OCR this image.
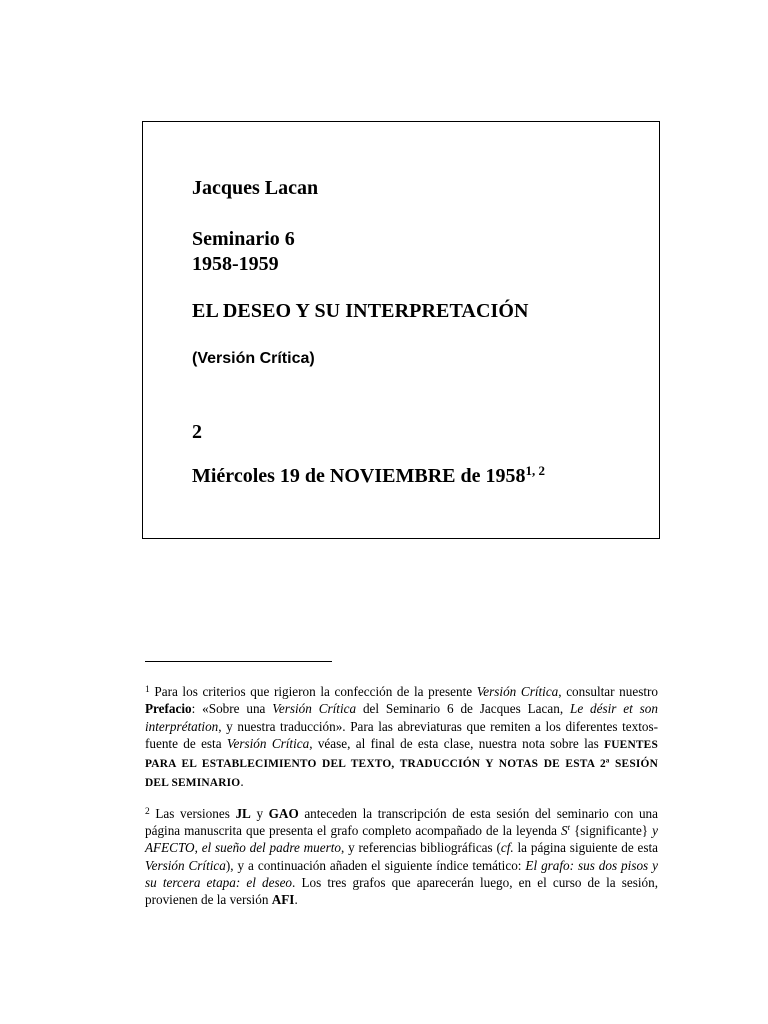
Jacques Lacan
Seminario 6
1958-1959
EL DESEO Y SU INTERPRETACIÓN
(Versión Crítica)
2
Miércoles 19 de NOVIEMBRE de 1958$^{1, 2}$

$^1$ Para los criterios que rigieron la confección de la presente Versión Crítica, consultar nuestro Prefacio: «Sobre una Versión Crítica del Seminario 6 de Jacques Lacan, Le désir et son interprétation, y nuestra traducción». Para las abreviaturas que remiten a los diferentes textos-fuente de esta Versión Crítica, véase, al final de esta clase, nuestra nota sobre las FUENTES PARA EL ESTABLECIMIENTO DEL TEXTO, TRADUCCIÓN Y NOTAS DE ESTA 2ª SESIÓN DEL SEMINARIO.

$^2$ Las versiones JL y GAO anteceden la transcripción de esta sesión del seminario con una página manuscrita que presenta el grafo completo acompañado de la leyenda $S^t$ {significante} y AFECTO, el sueño del padre muerto, y referencias bibliográficas (cf. la página siguiente de esta Versión Crítica), y a continuación añaden el siguiente índice temático: El grafo: sus dos pisos y su tercera etapa: el deseo. Los tres grafos que aparecerán luego, en el curso de la sesión, provienen de la versión AFI.
